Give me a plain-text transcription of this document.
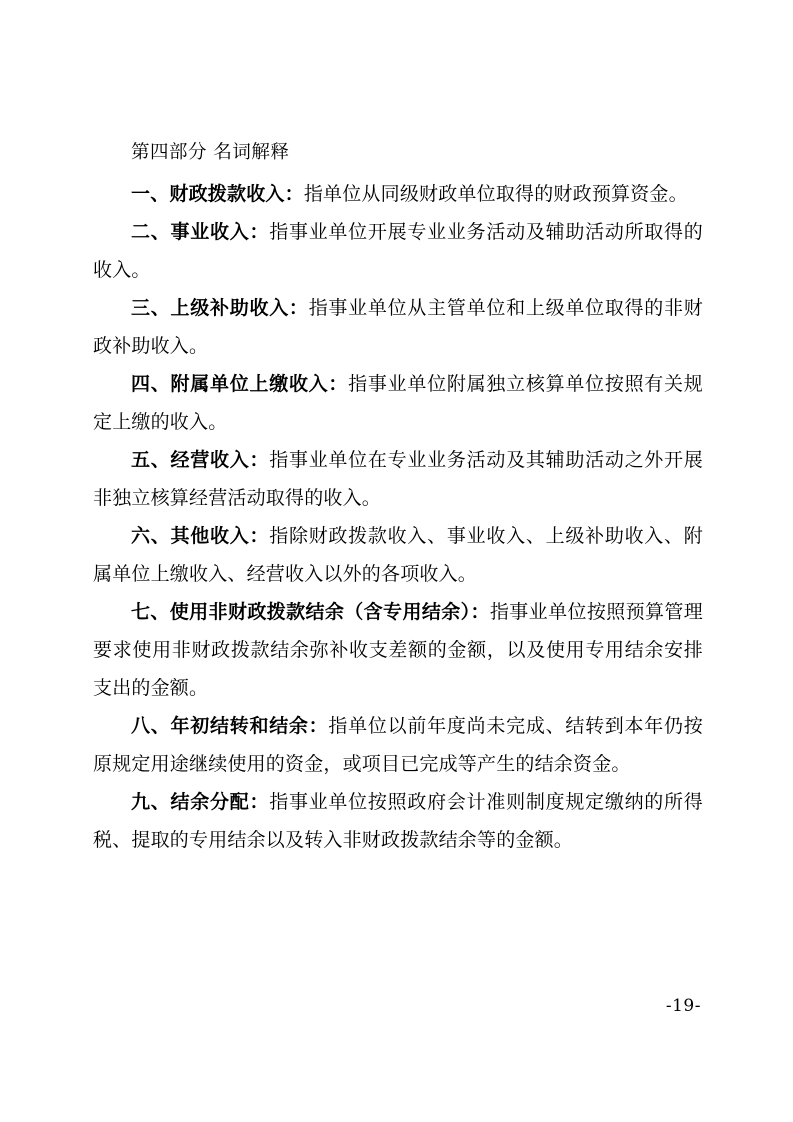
第四部分 名词解释

一、财政拨款收入：指单位从同级财政单位取得的财政预算资金。

二、事业收入：指事业单位开展专业业务活动及辅助活动所取得的收入。

三、上级补助收入：指事业单位从主管单位和上级单位取得的非财政补助收入。

四、附属单位上缴收入：指事业单位附属独立核算单位按照有关规定上缴的收入。

五、经营收入：指事业单位在专业业务活动及其辅助活动之外开展非独立核算经营活动取得的收入。

六、其他收入：指除财政拨款收入、事业收入、上级补助收入、附属单位上缴收入、经营收入以外的各项收入。

七、使用非财政拨款结余（含专用结余）：指事业单位按照预算管理要求使用非财政拨款结余弥补收支差额的金额，以及使用专用结余安排支出的金额。

八、年初结转和结余：指单位以前年度尚未完成、结转到本年仍按原规定用途继续使用的资金，或项目已完成等产生的结余资金。

九、结余分配：指事业单位按照政府会计准则制度规定缴纳的所得税、提取的专用结余以及转入非财政拨款结余等的金额。

-19-
